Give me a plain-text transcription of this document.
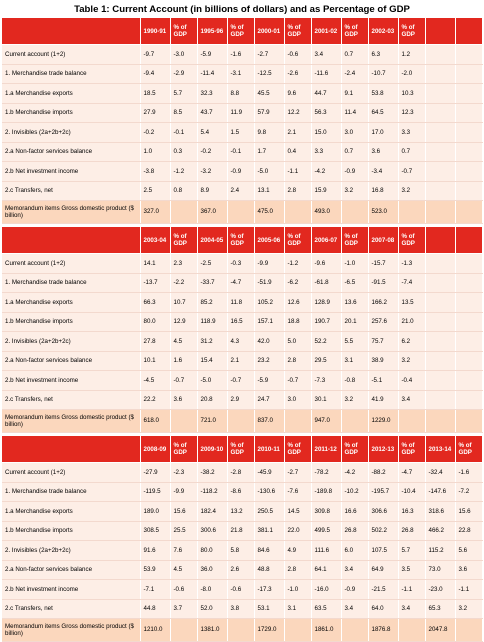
Table 1: Current Account (in billions of dollars) and as Percentage of GDP
	1990-91	% of GDP	1995-96	% of GDP	2000-01	% of GDP	2001-02	% of GDP	2002-03	% of GDP		
Current account (1+2)	-9.7	-3.0	-5.9	-1.6	-2.7	-0.6	3.4	0.7	6.3	1.2		
1. Merchandise trade balance	-9.4	-2.9	-11.4	-3.1	-12.5	-2.6	-11.6	-2.4	-10.7	-2.0		
1.a Merchandise exports	18.5	5.7	32.3	8.8	45.5	9.6	44.7	9.1	53.8	10.3		
1.b Merchandise imports	27.9	8.5	43.7	11.9	57.9	12.2	56.3	11.4	64.5	12.3		
2. Invisibles (2a+2b+2c)	-0.2	-0.1	5.4	1.5	9.8	2.1	15.0	3.0	17.0	3.3		
2.a Non-factor services balance	1.0	0.3	-0.2	-0.1	1.7	0.4	3.3	0.7	3.6	0.7		
2.b Net investment income	-3.8	-1.2	-3.2	-0.9	-5.0	-1.1	-4.2	-0.9	-3.4	-0.7		
2.c Transfers, net	2.5	0.8	8.9	2.4	13.1	2.8	15.9	3.2	16.8	3.2		
Memorandum items Gross domestic product ($ billion)	327.0		367.0		475.0		493.0		523.0			

	2003-04	% of GDP	2004-05	% of GDP	2005-06	% of GDP	2006-07	% of GDP	2007-08	% of GDP		
Current account (1+2)	14.1	2.3	-2.5	-0.3	-9.9	-1.2	-9.6	-1.0	-15.7	-1.3		
1. Merchandise trade balance	-13.7	-2.2	-33.7	-4.7	-51.9	-6.2	-61.8	-6.5	-91.5	-7.4		
1.a Merchandise exports	66.3	10.7	85.2	11.8	105.2	12.6	128.9	13.6	166.2	13.5		
1.b Merchandise imports	80.0	12.9	118.9	16.5	157.1	18.8	190.7	20.1	257.6	21.0		
2. Invisibles (2a+2b+2c)	27.8	4.5	31.2	4.3	42.0	5.0	52.2	5.5	75.7	6.2		
2.a Non-factor services balance	10.1	1.6	15.4	2.1	23.2	2.8	29.5	3.1	38.9	3.2		
2.b Net investment income	-4.5	-0.7	-5.0	-0.7	-5.9	-0.7	-7.3	-0.8	-5.1	-0.4		
2.c Transfers, net	22.2	3.6	20.8	2.9	24.7	3.0	30.1	3.2	41.9	3.4		
Memorandum items Gross domestic product ($ billion)	618.0		721.0		837.0		947.0		1229.0			

	2008-09	% of GDP	2009-10	% of GDP	2010-11	% of GDP	2011-12	% of GDP	2012-13	% of GDP	2013-14	% of GDP
Current account (1+2)	-27.9	-2.3	-38.2	-2.8	-45.9	-2.7	-78.2	-4.2	-88.2	-4.7	-32.4	-1.6
1. Merchandise trade balance	-119.5	-9.9	-118.2	-8.6	-130.6	-7.6	-189.8	-10.2	-195.7	-10.4	-147.6	-7.2
1.a Merchandise exports	189.0	15.6	182.4	13.2	250.5	14.5	309.8	16.6	306.6	16.3	318.6	15.6
1.b Merchandise imports	308.5	25.5	300.6	21.8	381.1	22.0	499.5	26.8	502.2	26.8	466.2	22.8
2. Invisibles (2a+2b+2c)	91.6	7.6	80.0	5.8	84.6	4.9	111.6	6.0	107.5	5.7	115.2	5.6
2.a Non-factor services balance	53.9	4.5	36.0	2.6	48.8	2.8	64.1	3.4	64.9	3.5	73.0	3.6
2.b Net investment income	-7.1	-0.6	-8.0	-0.6	-17.3	-1.0	-16.0	-0.9	-21.5	-1.1	-23.0	-1.1
2.c Transfers, net	44.8	3.7	52.0	3.8	53.1	3.1	63.5	3.4	64.0	3.4	65.3	3.2
Memorandum items Gross domestic product ($ billion)	1210.0		1381.0		1729.0		1861.0		1876.8		2047.8	
